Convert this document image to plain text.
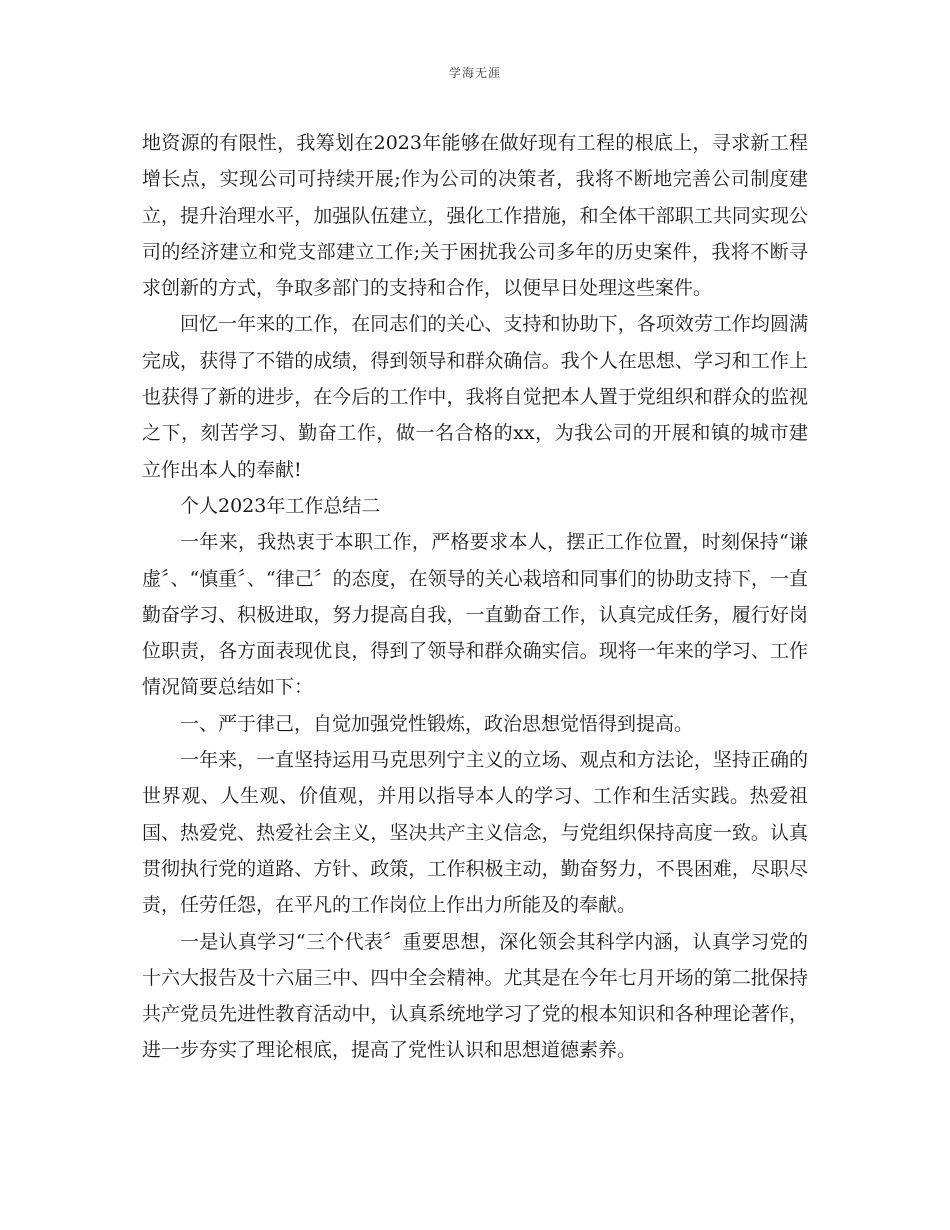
学海无涯

地资源的有限性，我筹划在2023年能够在做好现有工程的根底上，寻求新工程增长点，实现公司可持续开展;作为公司的决策者，我将不断地完善公司制度建立，提升治理水平，加强队伍建立，强化工作措施，和全体干部职工共同实现公司的经济建立和党支部建立工作;关于困扰我公司多年的历史案件，我将不断寻求创新的方式，争取多部门的支持和合作，以便早日处理这些案件。

回忆一年来的工作，在同志们的关心、支持和协助下，各项效劳工作均圆满完成，获得了不错的成绩，得到领导和群众确信。我个人在思想、学习和工作上也获得了新的进步，在今后的工作中，我将自觉把本人置于党组织和群众的监视之下，刻苦学习、勤奋工作，做一名合格的xx，为我公司的开展和镇的城市建立作出本人的奉献!

个人2023年工作总结二

一年来，我热衷于本职工作，严格要求本人，摆正工作位置，时刻保持“谦虚〞、“慎重〞、“律己〞的态度，在领导的关心栽培和同事们的协助支持下，一直勤奋学习、积极进取，努力提高自我，一直勤奋工作，认真完成任务，履行好岗位职责，各方面表现优良，得到了领导和群众确实信。现将一年来的学习、工作情况简要总结如下：

一、严于律己，自觉加强党性锻炼，政治思想觉悟得到提高。

一年来，一直坚持运用马克思列宁主义的立场、观点和方法论，坚持正确的世界观、人生观、价值观，并用以指导本人的学习、工作和生活实践。热爱祖国、热爱党、热爱社会主义，坚决共产主义信念，与党组织保持高度一致。认真贯彻执行党的道路、方针、政策，工作积极主动，勤奋努力，不畏困难，尽职尽责，任劳任怨，在平凡的工作岗位上作出力所能及的奉献。

一是认真学习“三个代表〞重要思想，深化领会其科学内涵，认真学习党的十六大报告及十六届三中、四中全会精神。尤其是在今年七月开场的第二批保持共产党员先进性教育活动中，认真系统地学习了党的根本知识和各种理论著作，进一步夯实了理论根底，提高了党性认识和思想道德素养。
